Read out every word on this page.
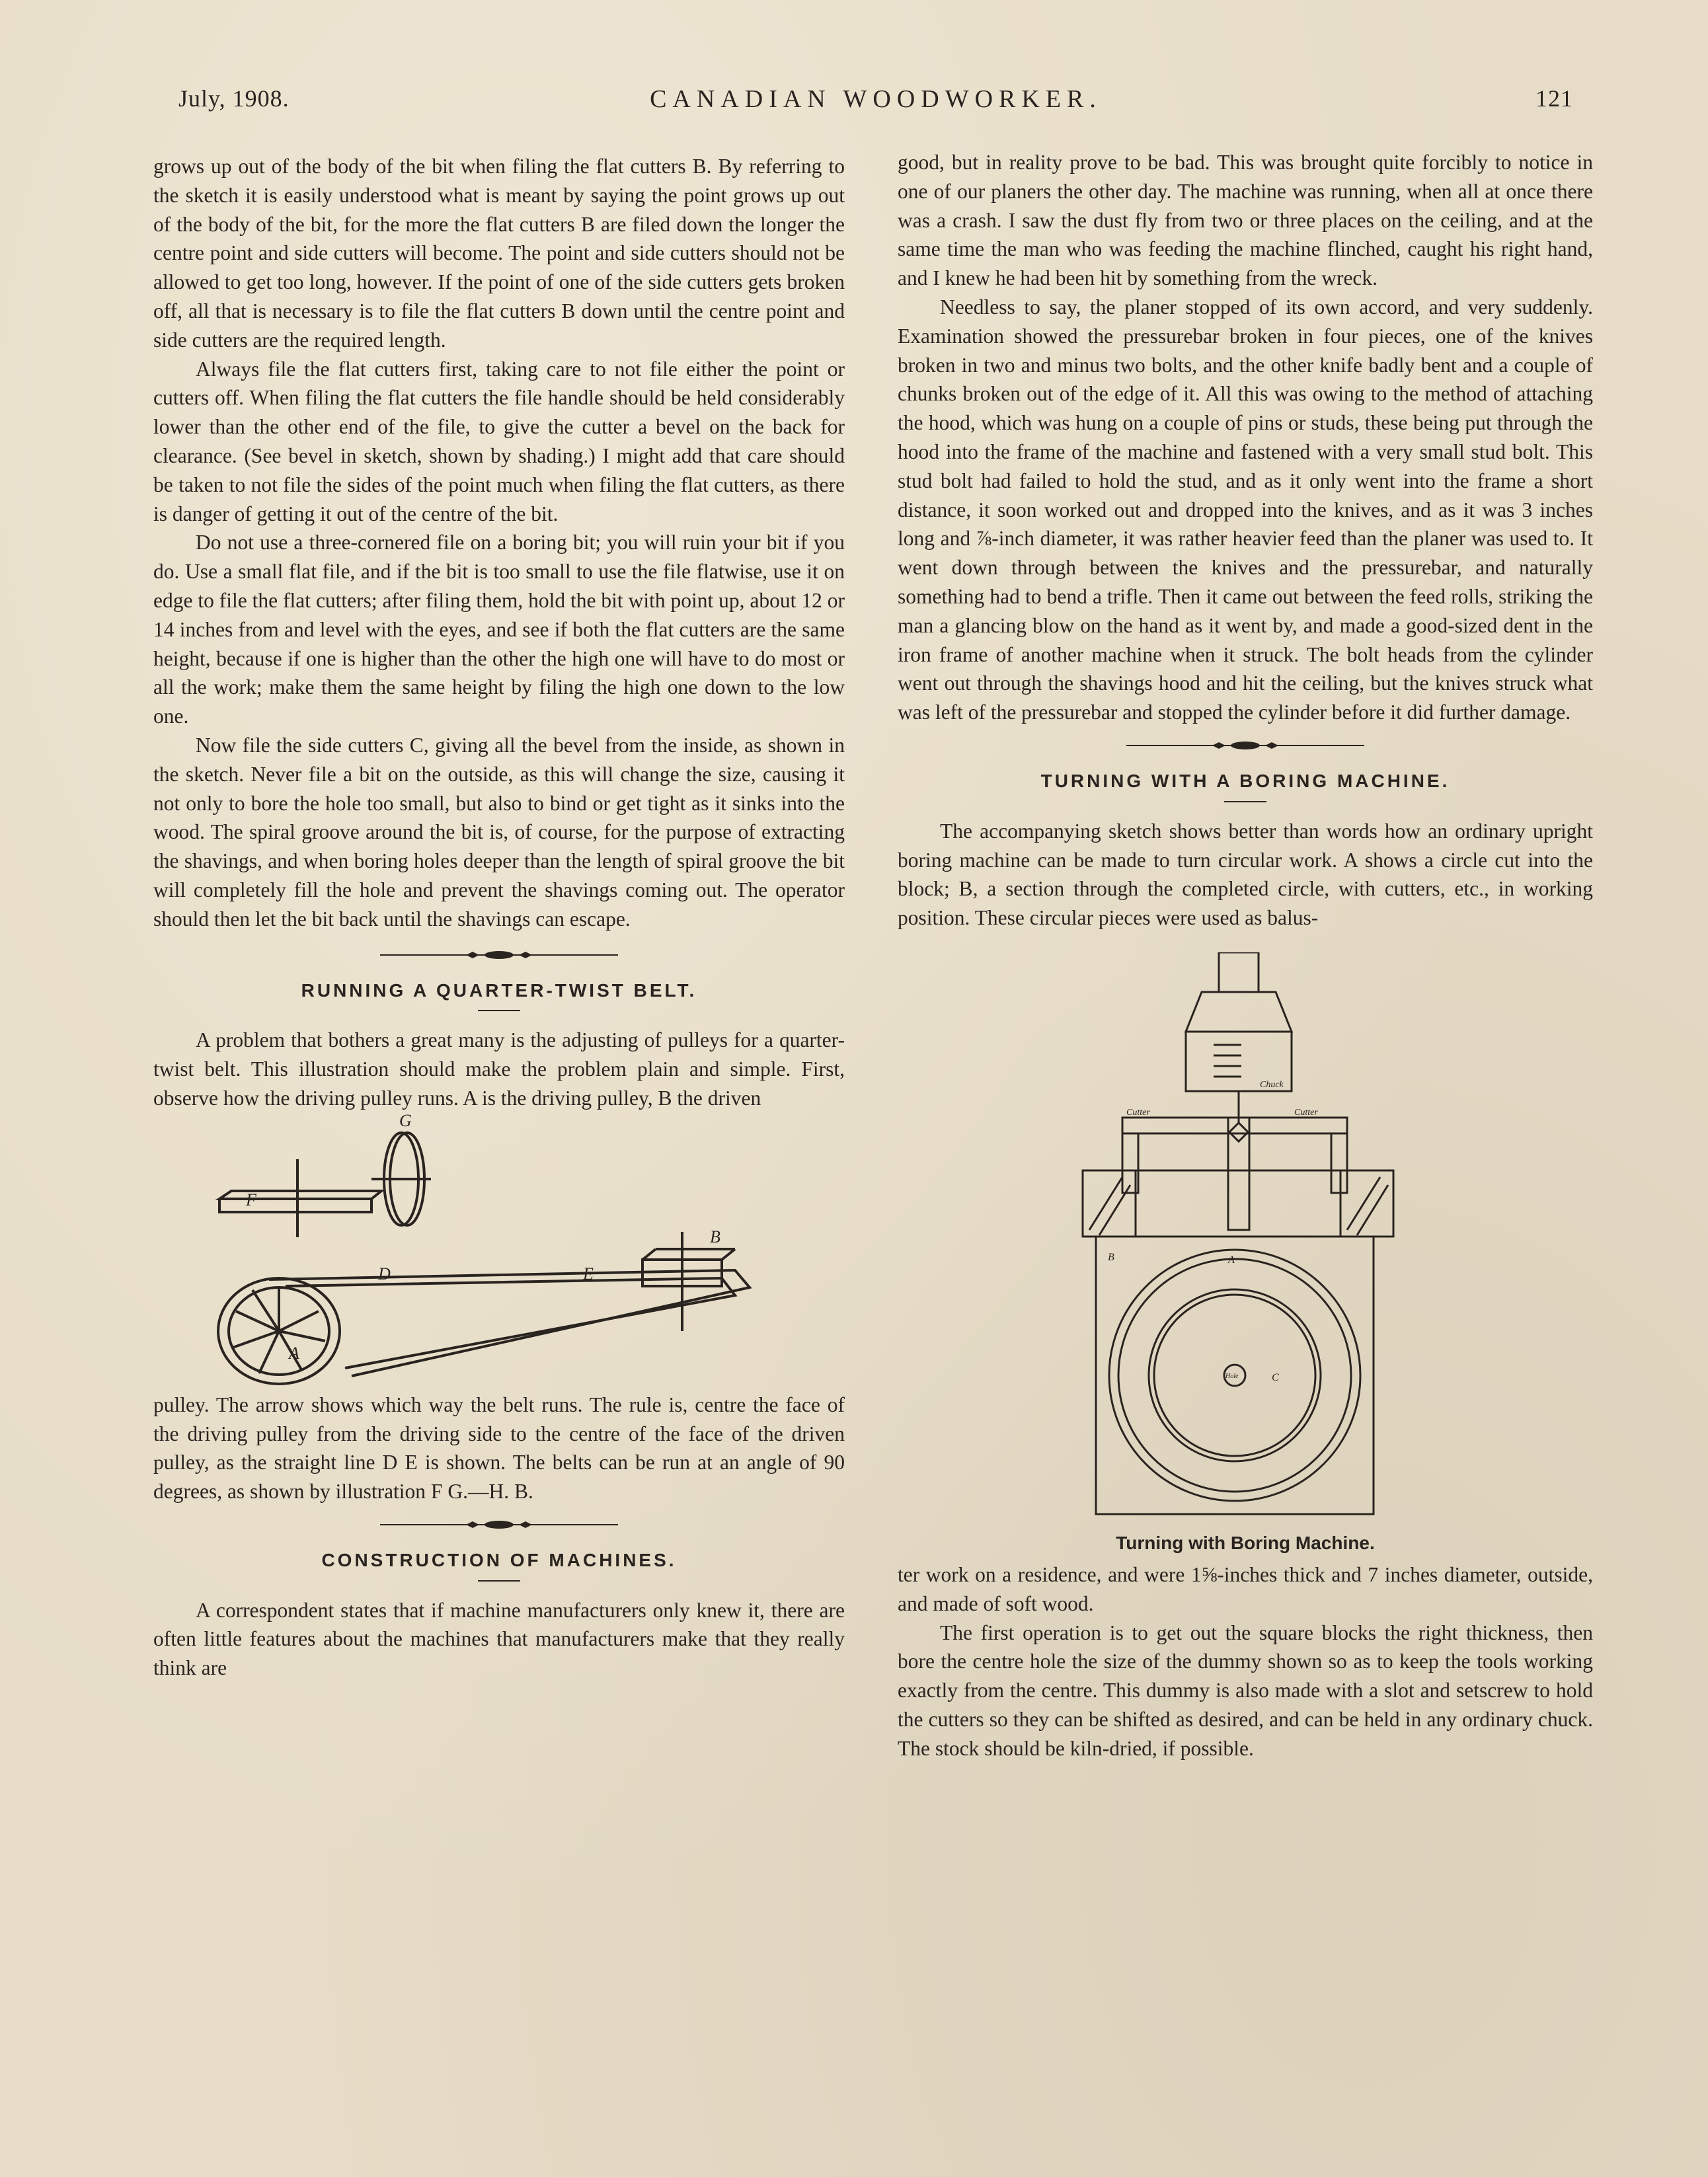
July, 1908.	CANADIAN WOODWORKER.	121

grows up out of the body of the bit when filing the flat cutters B. By referring to the sketch it is easily understood what is meant by saying the point grows up out of the body of the bit, for the more the flat cutters B are filed down the longer the centre point and side cutters will become. The point and side cutters should not be allowed to get too long, however. If the point of one of the side cutters gets broken off, all that is necessary is to file the flat cutters B down until the centre point and side cutters are the required length.

Always file the flat cutters first, taking care to not file either the point or cutters off. When filing the flat cutters the file handle should be held considerably lower than the other end of the file, to give the cutter a bevel on the back for clearance. (See bevel in sketch, shown by shading.) I might add that care should be taken to not file the sides of the point much when filing the flat cutters, as there is danger of getting it out of the centre of the bit.

Do not use a three-cornered file on a boring bit; you will ruin your bit if you do. Use a small flat file, and if the bit is too small to use the file flatwise, use it on edge to file the flat cutters; after filing them, hold the bit with point up, about 12 or 14 inches from and level with the eyes, and see if both the flat cutters are the same height, because if one is higher than the other the high one will have to do most or all the work; make them the same height by filing the high one down to the low one.

Now file the side cutters C, giving all the bevel from the inside, as shown in the sketch. Never file a bit on the outside, as this will change the size, causing it not only to bore the hole too small, but also to bind or get tight as it sinks into the wood. The spiral groove around the bit is, of course, for the purpose of extracting the shavings, and when boring holes deeper than the length of spiral groove the bit will completely fill the hole and prevent the shavings coming out. The operator should then let the bit back until the shavings can escape.

RUNNING A QUARTER-TWIST BELT.

A problem that bothers a great many is the adjusting of pulleys for a quarter-twist belt. This illustration should make the problem plain and simple. First, observe how the driving pulley runs. A is the driving pulley, B the driven

A
B
D	E
F
G

pulley. The arrow shows which way the belt runs. The rule is, centre the face of the driving pulley from the driving side to the centre of the face of the driven pulley, as the straight line D E is shown. The belts can be run at an angle of 90 degrees, as shown by illustration F G.—H. B.

CONSTRUCTION OF MACHINES.

A correspondent states that if machine manufacturers only knew it, there are often little features about the machines that manufacturers make that they really think are

good, but in reality prove to be bad. This was brought quite forcibly to notice in one of our planers the other day. The machine was running, when all at once there was a crash. I saw the dust fly from two or three places on the ceiling, and at the same time the man who was feeding the machine flinched, caught his right hand, and I knew he had been hit by something from the wreck.

Needless to say, the planer stopped of its own accord, and very suddenly. Examination showed the pressurebar broken in four pieces, one of the knives broken in two and minus two bolts, and the other knife badly bent and a couple of chunks broken out of the edge of it. All this was owing to the method of attaching the hood, which was hung on a couple of pins or studs, these being put through the hood into the frame of the machine and fastened with a very small stud bolt. This stud bolt had failed to hold the stud, and as it only went into the frame a short distance, it soon worked out and dropped into the knives, and as it was 3 inches long and ⅞-inch diameter, it was rather heavier feed than the planer was used to. It went down through between the knives and the pressurebar, and naturally something had to bend a trifle. Then it came out between the feed rolls, striking the man a glancing blow on the hand as it went by, and made a good-sized dent in the iron frame of another machine when it struck. The bolt heads from the cylinder went out through the shavings hood and hit the ceiling, but the knives struck what was left of the pressurebar and stopped the cylinder before it did further damage.

TURNING WITH A BORING MACHINE.

The accompanying sketch shows better than words how an ordinary upright boring machine can be made to turn circular work. A shows a circle cut into the block; B, a section through the completed circle, with cutters, etc., in working position. These circular pieces were used as balus-

Chuck
Cutter	Cutter
A
B
C
Hole
Turning with Boring Machine.

ter work on a residence, and were 1⅝-inches thick and 7 inches diameter, outside, and made of soft wood.

The first operation is to get out the square blocks the right thickness, then bore the centre hole the size of the dummy shown so as to keep the tools working exactly from the centre. This dummy is also made with a slot and setscrew to hold the cutters so they can be shifted as desired, and can be held in any ordinary chuck. The stock should be kiln-dried, if possible.
